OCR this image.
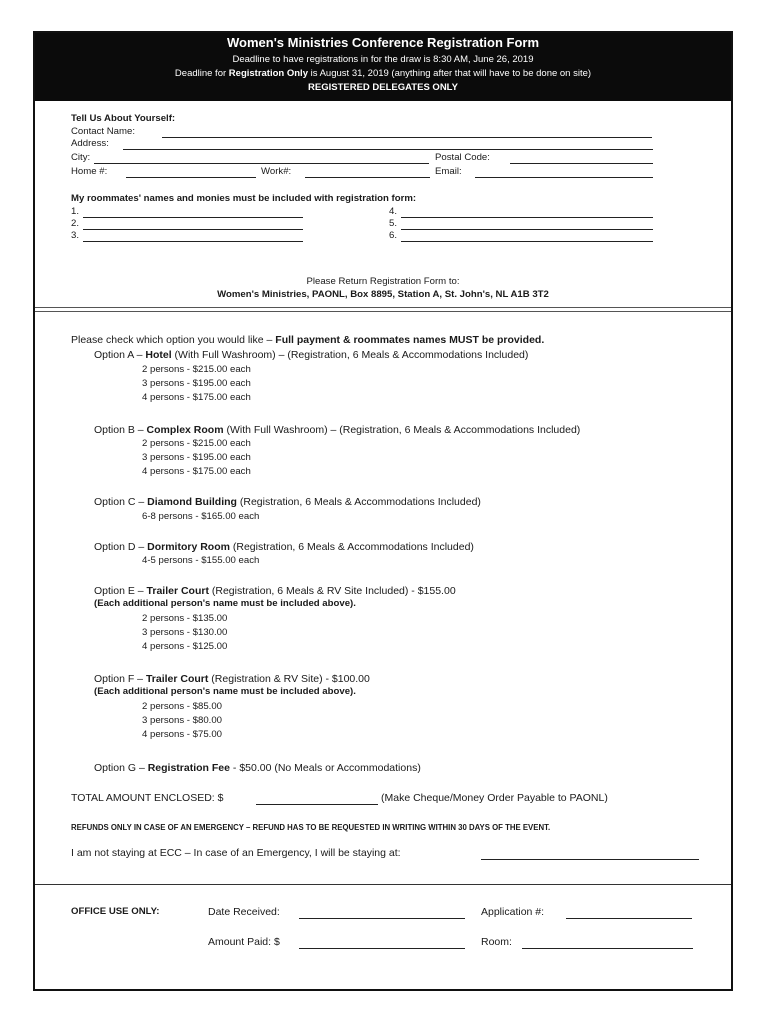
Women's Ministries Conference Registration Form
Deadline to have registrations in for the draw is 8:30 AM, June 26, 2019
Deadline for Registration Only is August 31, 2019 (anything after that will have to be done on site)
REGISTERED DELEGATES ONLY
Tell Us About Yourself:
Contact Name:
Address:
City:	Postal Code:
Home #:	Work#:	Email:
My roommates' names and monies must be included with registration form:
1.
2.
3.
4.
5.
6.
Please Return Registration Form to:
Women's Ministries, PAONL, Box 8895, Station A, St. John's, NL A1B 3T2
Please check which option you would like – Full payment & roommates names MUST be provided.
Option A – Hotel (With Full Washroom) – (Registration, 6 Meals & Accommodations Included)
2 persons - $215.00 each
3 persons - $195.00 each
4 persons - $175.00 each
Option B – Complex Room (With Full Washroom) – (Registration, 6 Meals & Accommodations Included)
2 persons - $215.00 each
3 persons - $195.00 each
4 persons - $175.00 each
Option C – Diamond Building (Registration, 6 Meals & Accommodations Included)
6-8 persons - $165.00 each
Option D – Dormitory Room (Registration, 6 Meals & Accommodations Included)
4-5 persons - $155.00 each
Option E – Trailer Court (Registration, 6 Meals & RV Site Included) - $155.00
(Each additional person's name must be included above).
2 persons - $135.00
3 persons - $130.00
4 persons - $125.00
Option F – Trailer Court (Registration & RV Site) - $100.00
(Each additional person's name must be included above).
2 persons - $85.00
3 persons - $80.00
4 persons - $75.00
Option G – Registration Fee - $50.00 (No Meals or Accommodations)
TOTAL AMOUNT ENCLOSED: $	(Make Cheque/Money Order Payable to PAONL)
REFUNDS ONLY IN CASE OF AN EMERGENCY – REFUND HAS TO BE REQUESTED IN WRITING WITHIN 30 DAYS OF THE EVENT.
I am not staying at ECC – In case of an Emergency, I will be staying at:
OFFICE USE ONLY:	Date Received:	Application #:
Amount Paid: $	Room:
